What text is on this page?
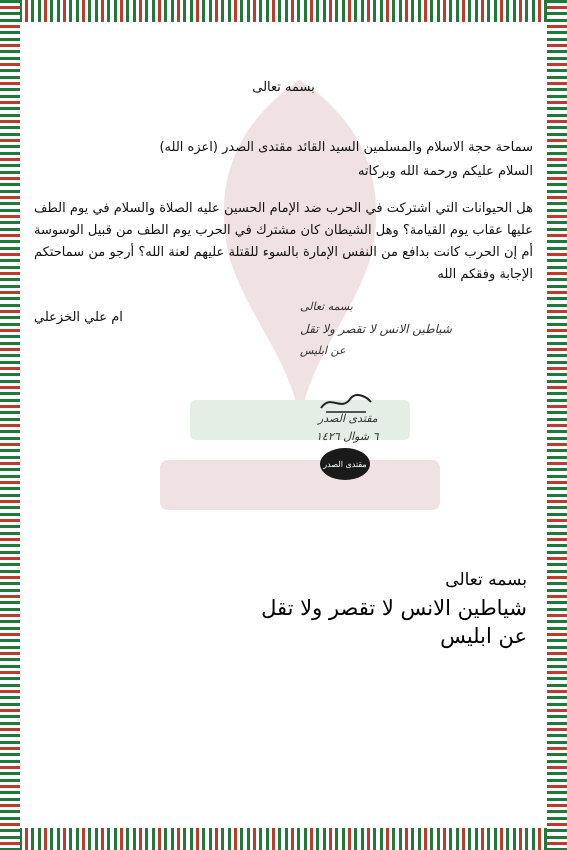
بسمه تعالى
سماحة حجة الاسلام والمسلمين السيد القائد مقتدى الصدر (اعزه الله)
السلام عليكم ورحمة الله وبركاته
هل الحيوانات التي اشتركت في الحرب ضد الإمام الحسين عليه الصلاة والسلام في يوم الطف عليها عقاب يوم القيامة؟ وهل الشيطان كان مشترك في الحرب يوم الطف من قبيل الوسوسة أم إن الحرب كانت بدافع من النفس الإمارة بالسوء للقتلة عليهم لعنة الله؟ أرجو من سماحتكم الإجابة وفقكم الله
ام علي الخزعلي
بسمه تعالى
شياطين الانس لا تقصر ولا تقل
عن ابليس
مقتدى الصدر
٦ شوال ١٤٢٦
مقتدى الصدر
بسمه تعالى
شياطين الانس لا تقصر ولا تقل
عن ابليس
